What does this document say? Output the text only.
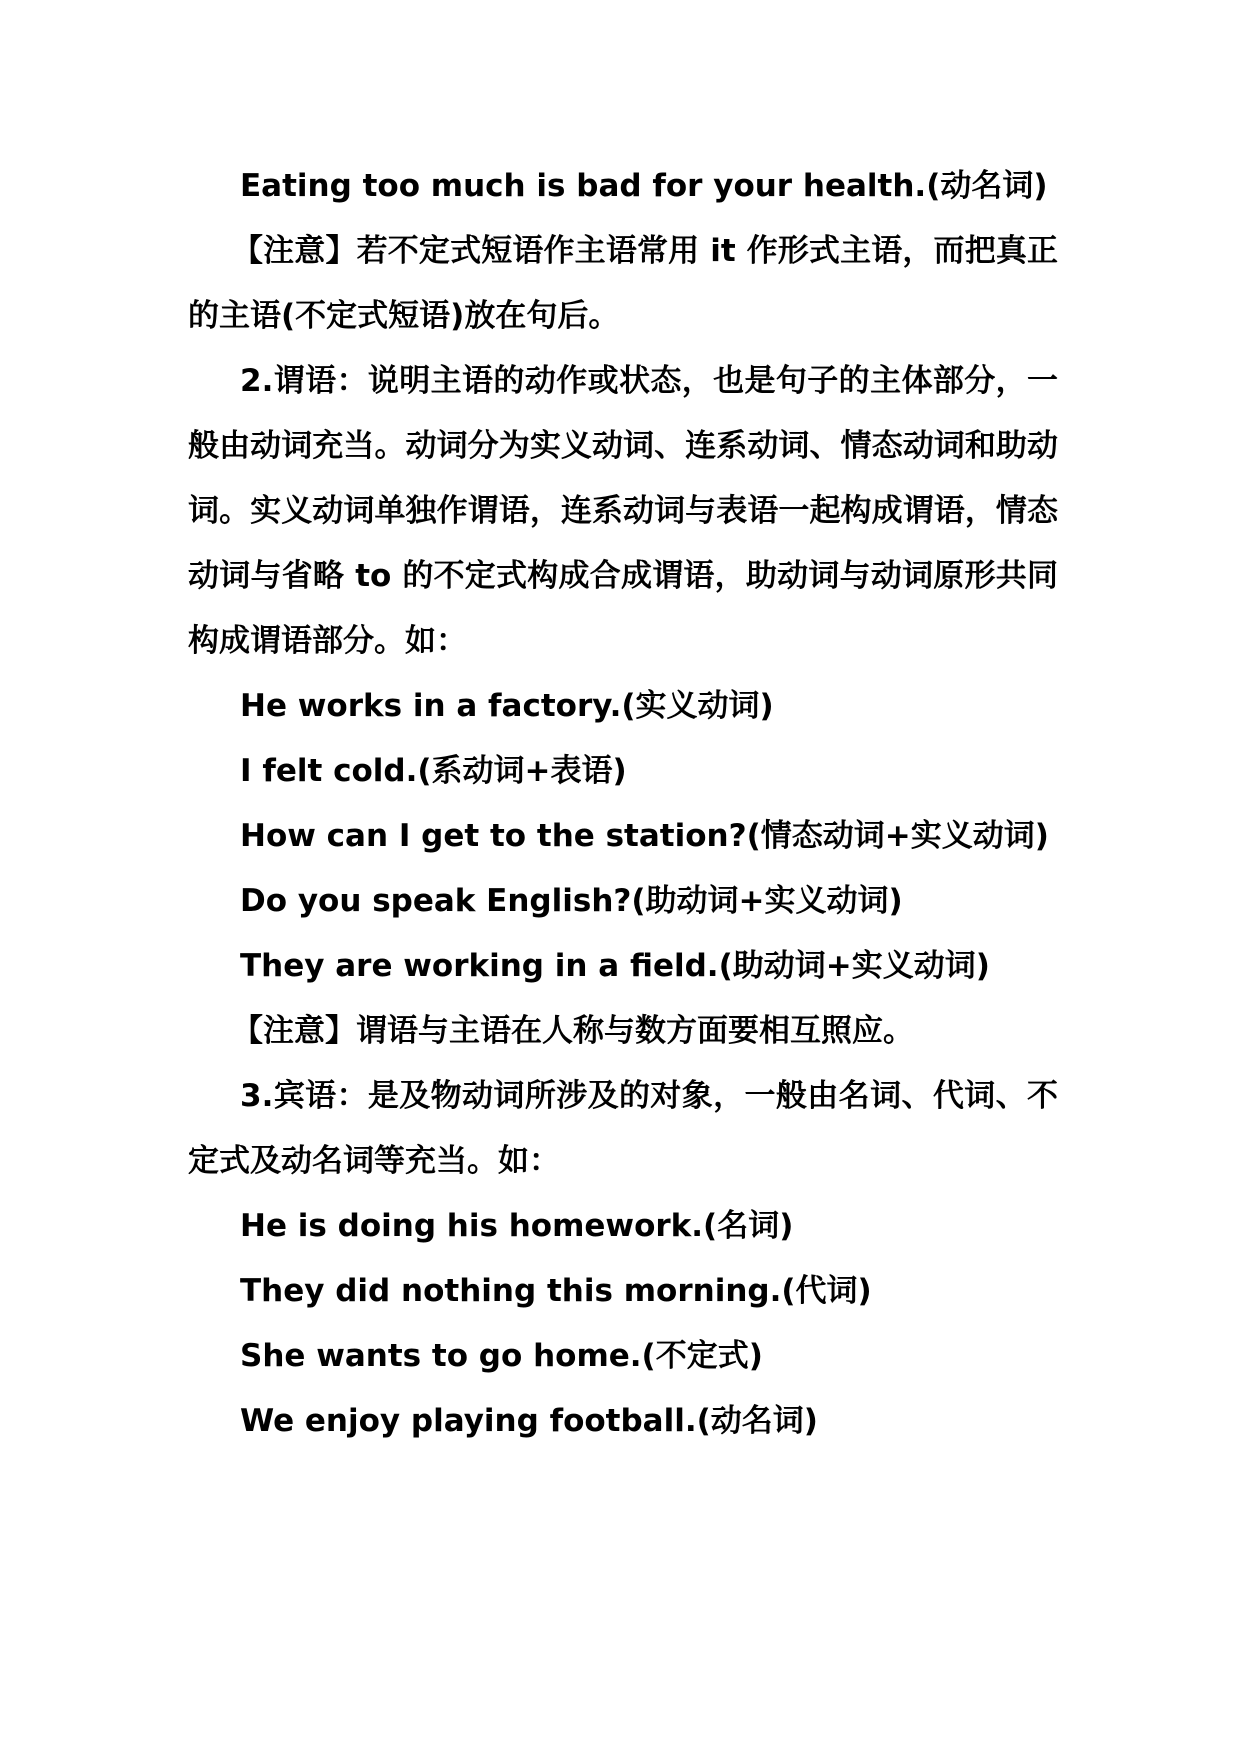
Eating too much is bad for your health.(动名词)

【注意】若不定式短语作主语常用 it 作形式主语，而把真正的主语(不定式短语)放在句后。

2.谓语：说明主语的动作或状态，也是句子的主体部分，一般由动词充当。动词分为实义动词、连系动词、情态动词和助动词。实义动词单独作谓语，连系动词与表语一起构成谓语，情态动词与省略 to 的不定式构成合成谓语，助动词与动词原形共同构成谓语部分。如：

He works in a factory.(实义动词)

I felt cold.(系动词+表语)

How can I get to the station?(情态动词+实义动词)

Do you speak English?(助动词+实义动词)

They are working in a field.(助动词+实义动词)

【注意】谓语与主语在人称与数方面要相互照应。

3.宾语：是及物动词所涉及的对象，一般由名词、代词、不定式及动名词等充当。如：

He is doing his homework.(名词)

They did nothing this morning.(代词)

She wants to go home.(不定式)

We enjoy playing football.(动名词)
